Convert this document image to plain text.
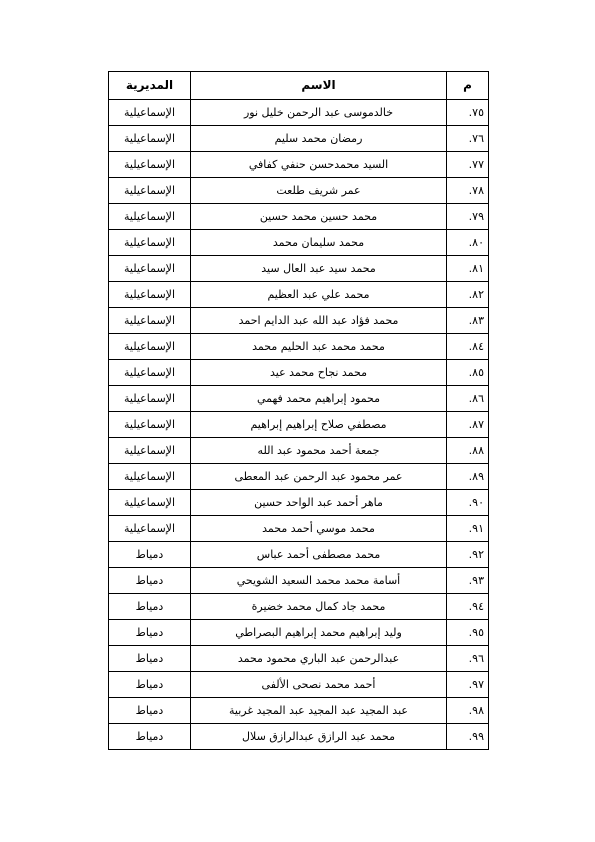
م	الاسم	المديرية
٧٥.	خالدموسى عبد الرحمن خليل نور	الإسماعيلية
٧٦.	رمضان محمد سليم	الإسماعيلية
٧٧.	السيد محمدحسن حنفي كفافي	الإسماعيلية
٧٨.	عمر شريف طلعت	الإسماعيلية
٧٩.	محمد حسين محمد حسين	الإسماعيلية
٨٠.	محمد سليمان محمد	الإسماعيلية
٨١.	محمد سيد عبد العال سيد	الإسماعيلية
٨٢.	محمد علي عبد العظيم	الإسماعيلية
٨٣.	محمد فؤاد عبد الله عبد الدايم احمد	الإسماعيلية
٨٤.	محمد محمد عبد الحليم محمد	الإسماعيلية
٨٥.	محمد نجاح محمد عيد	الإسماعيلية
٨٦.	محمود إبراهيم محمد فهمي	الإسماعيلية
٨٧.	مصطفي صلاح إبراهيم إبراهيم	الإسماعيلية
٨٨.	جمعة أحمد محمود عبد الله	الإسماعيلية
٨٩.	عمر محمود عبد الرحمن عبد المعطى	الإسماعيلية
٩٠.	ماهر أحمد عبد الواحد حسين	الإسماعيلية
٩١.	محمد موسي أحمد محمد	الإسماعيلية
٩٢.	محمد مصطفى أحمد عباس	دمياط
٩٣.	أسامة محمد محمد السعيد الشويحي	دمياط
٩٤.	محمد جاد كمال محمد خضيرة	دمياط
٩٥.	وليد إبراهيم محمد إبراهيم البصراطي	دمياط
٩٦.	عبدالرحمن عبد الباري محمود محمد	دمياط
٩٧.	أحمد محمد نصحى الألفى	دمياط
٩٨.	عبد المجيد عبد المجيد عبد المجيد غربية	دمياط
٩٩.	محمد عبد الرازق عبدالرازق سلال	دمياط
